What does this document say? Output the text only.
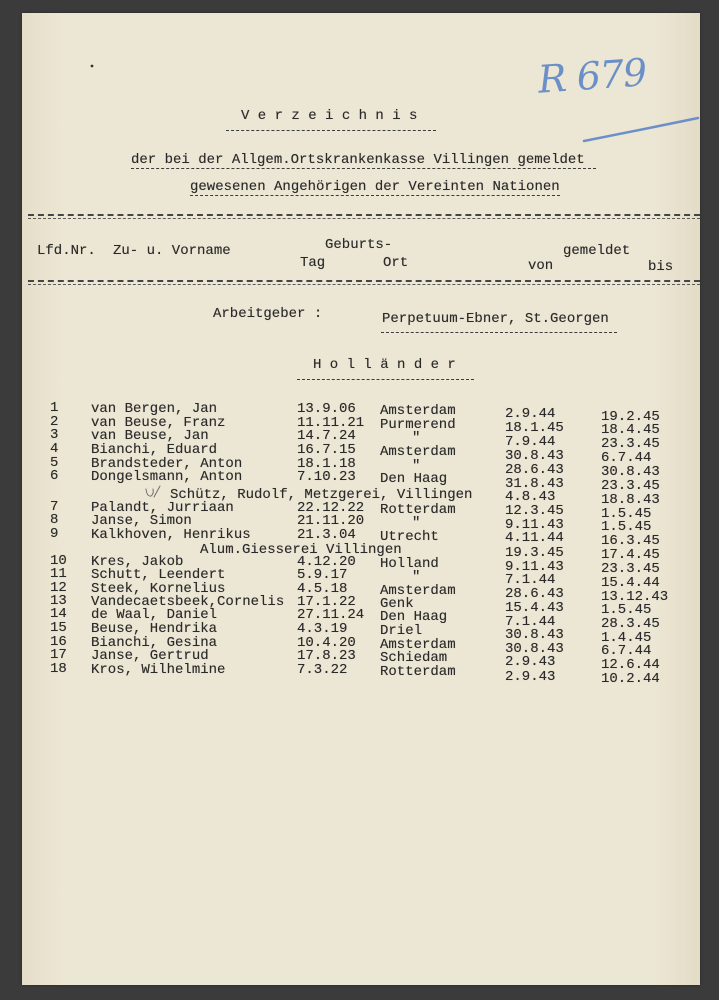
R 679
V e r z e i c h n i s
der bei der Allgem.Ortskrankenkasse Villingen gemeldet
gewesenen Angehörigen der Vereinten Nationen
Lfd.Nr. Zu- u. Vorname	Geburts-
Tag	Ort
gemeldet
von	bis
Arbeitgeber :	Perpetuum-Ebner, St.Georgen
H o l l ä n d e r
1 van Bergen, Jan	13.9.06 Amsterdam	2.9.44	19.2.45
2 van Beuse, Franz	11.11.21 Purmerend	18.1.45	18.4.45
3 van Beuse, Jan	14.7.24	"	7.9.44	23.3.45
4 Bianchi, Eduard	16.7.15 Amsterdam	30.8.43	6.7.44
5 Brandsteder, Anton	18.1.18	"	28.6.43	30.8.43
6 Dongelsmann, Anton	7.10.23 Den Haag	31.8.43	23.3.45
Schütz, Rudolf, Metzgerei, Villingen 4.8.43	18.8.43
7 Palandt, Jurriaan	22.12.22 Rotterdam	12.3.45	1.5.45
8 Janse, Simon	21.11.20	"	9.11.43	1.5.45
9 Kalkhoven, Henrikus	21.3.04 Utrecht	4.11.44	16.3.45
Alum.Giesserei Villingen	19.3.45	17.4.45
10 Kres, Jakob	4.12.20 Holland	9.11.43	23.3.45
11 Schutt, Leendert	5.9.17	"	7.1.44	15.4.44
12 Steek, Kornelius	4.5.18 Amsterdam	28.6.43	13.12.43
13 Vandecaetsbeek,Cornelis 17.1.22 Genk	15.4.43	1.5.45
14 de Waal, Daniel	27.11.24 Den Haag	7.1.44	28.3.45
15 Beuse, Hendrika	4.3.19 Driel	30.8.43	1.4.45
16 Bianchi, Gesina	10.4.20 Amsterdam	30.8.43	6.7.44
17 Janse, Gertrud	17.8.23 Schiedam	2.9.43	12.6.44
18 Kros, Wilhelmine	7.3.22 Rotterdam	2.9.43	10.2.44
